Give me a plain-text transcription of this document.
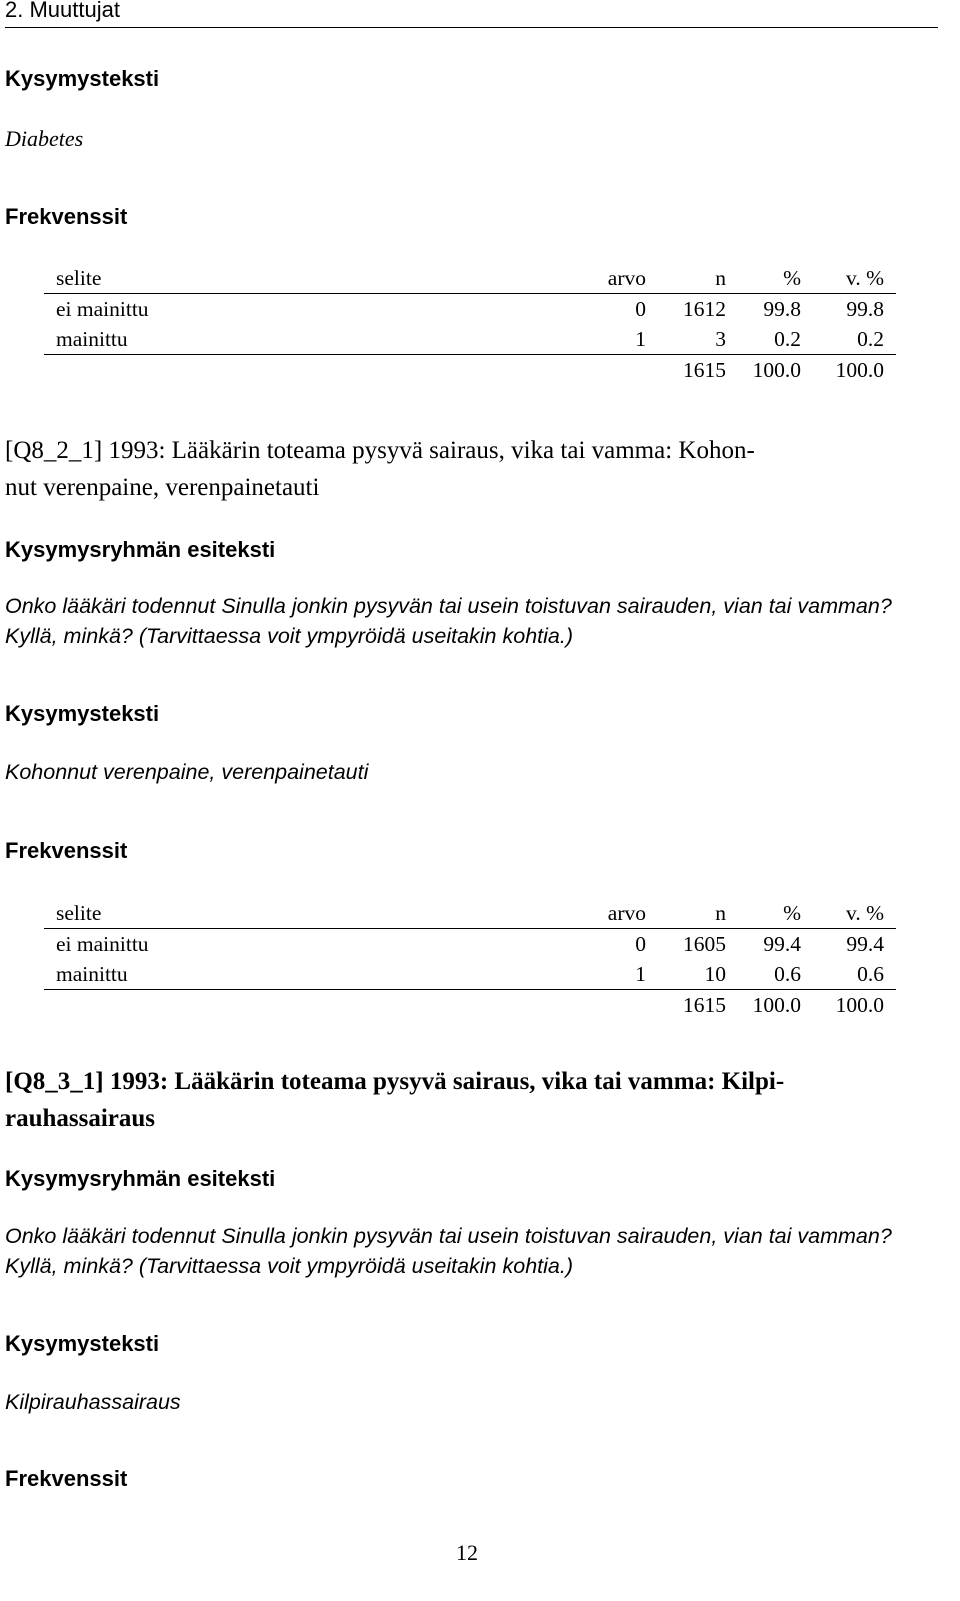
2. Muuttujat
Kysymysteksti
Diabetes
Frekvenssit
selite	arvo	n	%	v. %
ei mainittu	0	1612	99.8	99.8
mainittu	1	3	0.2	0.2
		1615	100.0	100.0
[Q8_2_1] 1993: Lääkärin toteama pysyvä sairaus, vika tai vamma: Kohon-
nut verenpaine, verenpainetauti
Kysymysryhmän esiteksti
Onko lääkäri todennut Sinulla jonkin pysyvän tai usein toistuvan sairauden, vian tai vamman?
Kyllä, minkä? (Tarvittaessa voit ympyröidä useitakin kohtia.)
Kysymysteksti
Kohonnut verenpaine, verenpainetauti
Frekvenssit
selite	arvo	n	%	v. %
ei mainittu	0	1605	99.4	99.4
mainittu	1	10	0.6	0.6
		1615	100.0	100.0
[Q8_3_1] 1993: Lääkärin toteama pysyvä sairaus, vika tai vamma: Kilpi-
rauhassairaus
Kysymysryhmän esiteksti
Onko lääkäri todennut Sinulla jonkin pysyvän tai usein toistuvan sairauden, vian tai vamman?
Kyllä, minkä? (Tarvittaessa voit ympyröidä useitakin kohtia.)
Kysymysteksti
Kilpirauhassairaus
Frekvenssit
12
